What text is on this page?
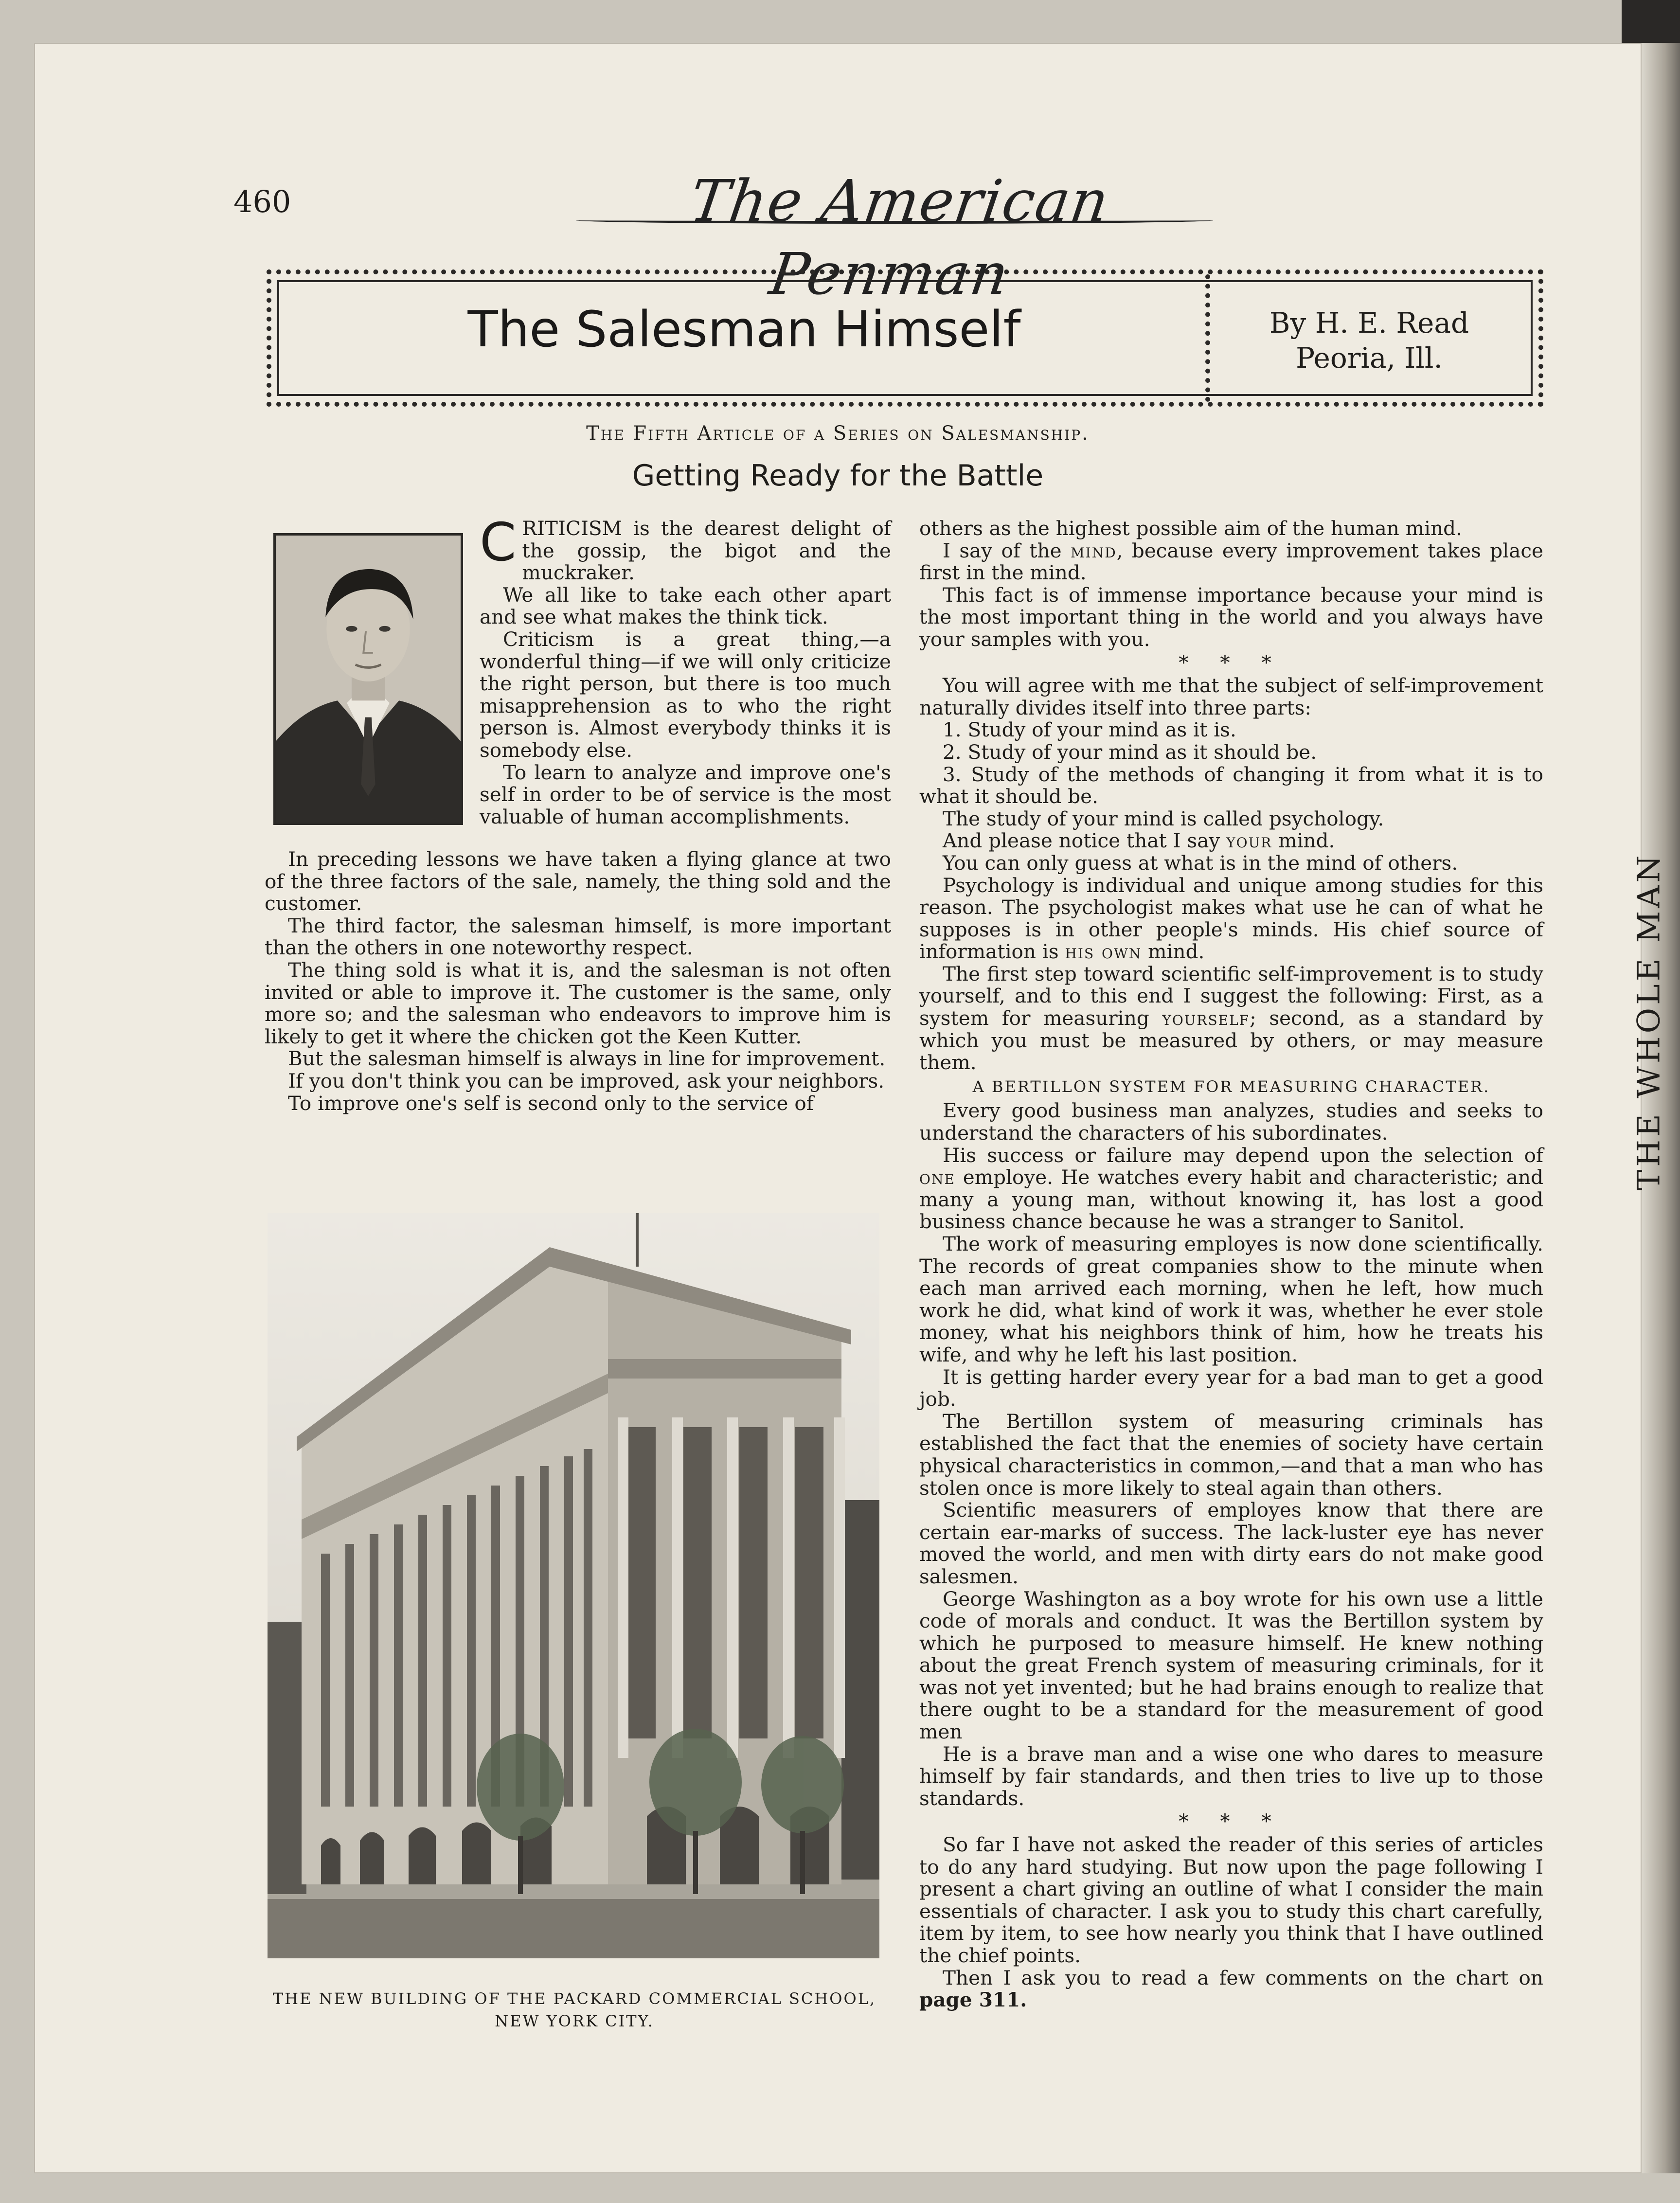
460	The American Penman
The Salesman Himself	By H. E. Read
Peoria, Ill.
The Fifth Article of a Series on Salesmanship.
Getting Ready for the Battle

CRITICISM is the dearest delight of the gossip, the bigot and the muckraker.

We all like to take each other apart and see what makes the think tick.

Criticism is a great thing,—a wonderful thing—if we will only criticize the right person, but there is too much misapprehension as to who the right person is. Almost everybody thinks it is somebody else.

To learn to analyze and improve one's self in order to be of service is the most valuable of human accomplishments.

In preceding lessons we have taken a flying glance at two of the three factors of the sale, namely, the thing sold and the customer.

The third factor, the salesman himself, is more important than the others in one noteworthy respect.

The thing sold is what it is, and the salesman is not often invited or able to improve it. The customer is the same, only more so; and the salesman who endeavors to improve him is likely to get it where the chicken got the Keen Kutter.

But the salesman himself is always in line for improvement.

If you don't think you can be improved, ask your neighbors.

To improve one's self is second only to the service of

THE NEW BUILDING OF THE PACKARD COMMERCIAL SCHOOL,
NEW YORK CITY.

others as the highest possible aim of the human mind.

I say of the mind, because every improvement takes place first in the mind.

This fact is of immense importance because your mind is the most important thing in the world and you always have your samples with you.

* * *

You will agree with me that the subject of self-improvement naturally divides itself into three parts:

1. Study of your mind as it is.

2. Study of your mind as it should be.

3. Study of the methods of changing it from what it is to what it should be.

The study of your mind is called psychology.

And please notice that I say your mind.

You can only guess at what is in the mind of others.

Psychology is individual and unique among studies for this reason. The psychologist makes what use he can of what he supposes is in other people's minds. His chief source of information is his own mind.

The first step toward scientific self-improvement is to study yourself, and to this end I suggest the following: First, as a system for measuring yourself; second, as a standard by which you must be measured by others, or may measure them.

A BERTILLON SYSTEM FOR MEASURING CHARACTER.

Every good business man analyzes, studies and seeks to understand the characters of his subordinates.

His success or failure may depend upon the selection of one employe. He watches every habit and characteristic; and many a young man, without knowing it, has lost a good business chance because he was a stranger to Sanitol.

The work of measuring employes is now done scientifically. The records of great companies show to the minute when each man arrived each morning, when he left, how much work he did, what kind of work it was, whether he ever stole money, what his neighbors think of him, how he treats his wife, and why he left his last position.

It is getting harder every year for a bad man to get a good job.

The Bertillon system of measuring criminals has established the fact that the enemies of society have certain physical characteristics in common,—and that a man who has stolen once is more likely to steal again than others.

Scientific measurers of employes know that there are certain ear-marks of success. The lack-luster eye has never moved the world, and men with dirty ears do not make good salesmen.

George Washington as a boy wrote for his own use a little code of morals and conduct. It was the Bertillon system by which he purposed to measure himself. He knew nothing about the great French system of measuring criminals, for it was not yet invented; but he had brains enough to realize that there ought to be a standard for the measurement of good men

He is a brave man and a wise one who dares to measure himself by fair standards, and then tries to live up to those standards.

* * *

So far I have not asked the reader of this series of articles to do any hard studying. But now upon the page following I present a chart giving an outline of what I consider the main essentials of character. I ask you to study this chart carefully, item by item, to see how nearly you think that I have outlined the chief points.

Then I ask you to read a few comments on the chart on page 311.

THE WHOLE MAN
